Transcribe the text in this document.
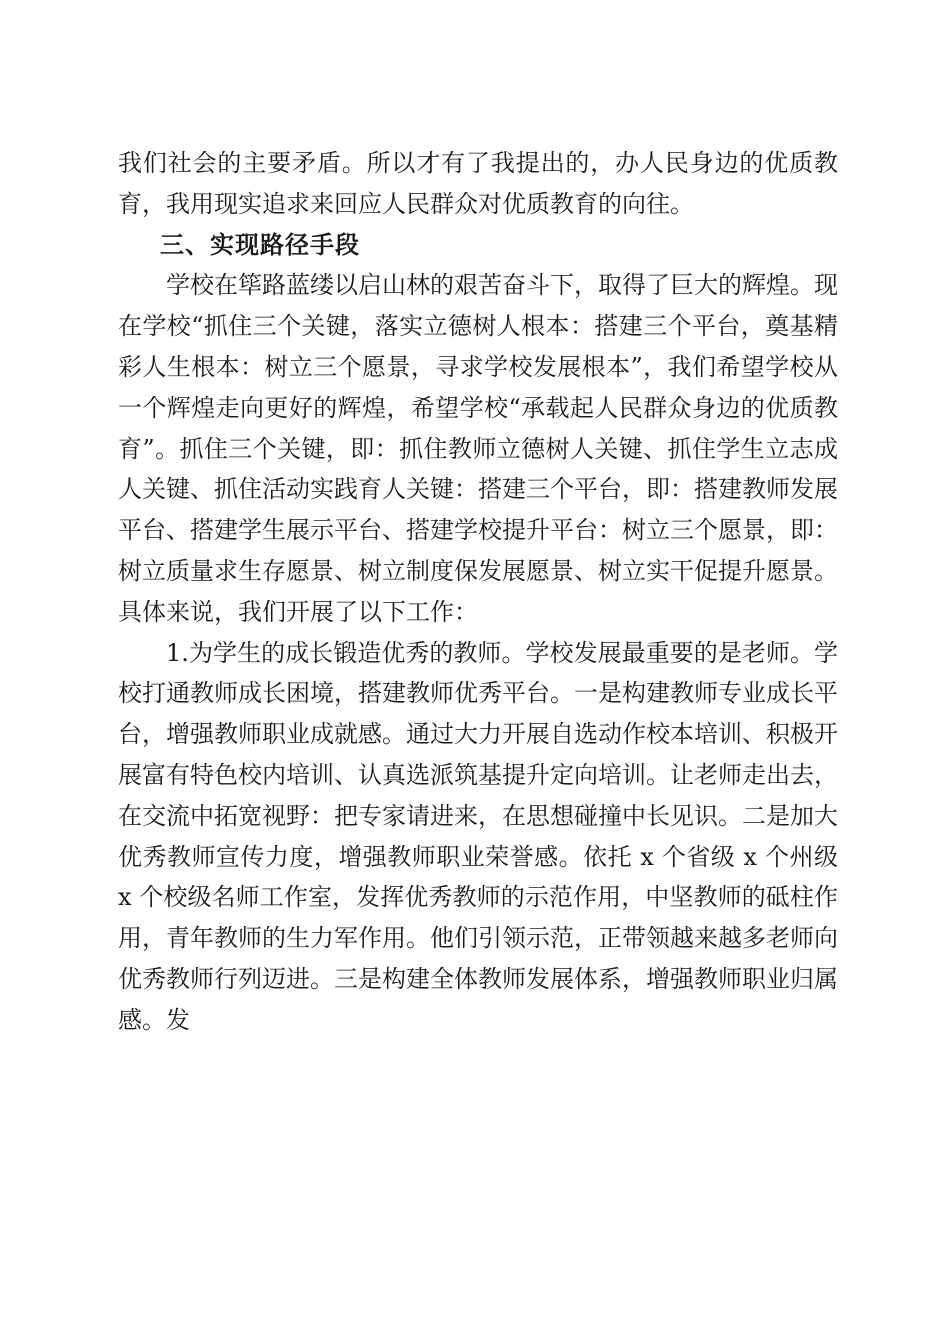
我们社会的主要矛盾。所以才有了我提出的，办人民身边的优质教育，我用现实追求来回应人民群众对优质教育的向往。

三、实现路径手段

学校在筚路蓝缕以启山林的艰苦奋斗下，取得了巨大的辉煌。现在学校“抓住三个关键，落实立德树人根本：搭建三个平台，奠基精彩人生根本：树立三个愿景，寻求学校发展根本”，我们希望学校从一个辉煌走向更好的辉煌，希望学校“承载起人民群众身边的优质教育”。抓住三个关键，即：抓住教师立德树人关键、抓住学生立志成人关键、抓住活动实践育人关键：搭建三个平台，即：搭建教师发展平台、搭建学生展示平台、搭建学校提升平台：树立三个愿景，即：树立质量求生存愿景、树立制度保发展愿景、树立实干促提升愿景。具体来说，我们开展了以下工作：

1.为学生的成长锻造优秀的教师。学校发展最重要的是老师。学校打通教师成长困境，搭建教师优秀平台。一是构建教师专业成长平台，增强教师职业成就感。通过大力开展自选动作校本培训、积极开展富有特色校内培训、认真选派筑基提升定向培训。让老师走出去，在交流中拓宽视野：把专家请进来，在思想碰撞中长见识。二是加大优秀教师宣传力度，增强教师职业荣誉感。依托 x 个省级 x 个州级 x 个校级名师工作室，发挥优秀教师的示范作用，中坚教师的砥柱作用，青年教师的生力军作用。他们引领示范，正带领越来越多老师向优秀教师行列迈进。三是构建全体教师发展体系，增强教师职业归属感。发
